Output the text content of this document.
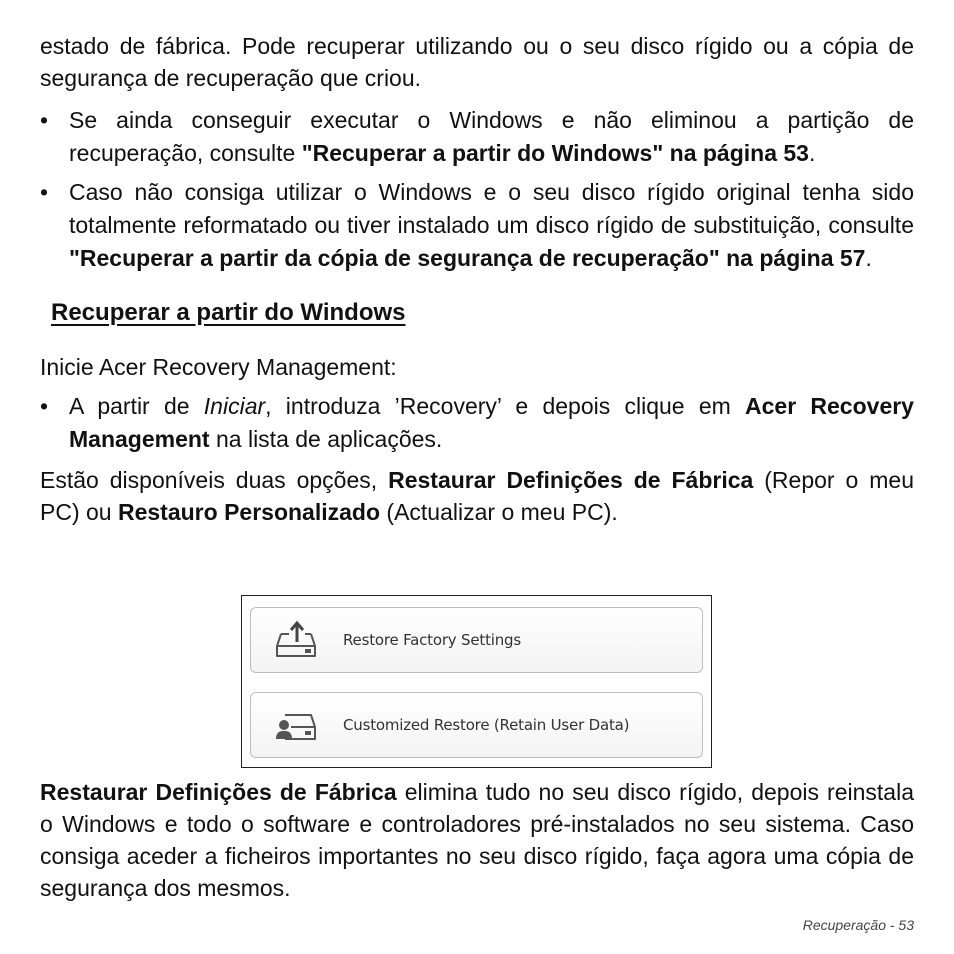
estado de fábrica. Pode recuperar utilizando ou o seu disco rígido ou a cópia de segurança de recuperação que criou.

• Se ainda conseguir executar o Windows e não eliminou a partição de recuperação, consulte "Recuperar a partir do Windows" na página 53.
• Caso não consiga utilizar o Windows e o seu disco rígido original tenha sido totalmente reformatado ou tiver instalado um disco rígido de substituição, consulte "Recuperar a partir da cópia de segurança de recuperação" na página 57.
Recuperar a partir do Windows

Inicie Acer Recovery Management:

• A partir de Iniciar, introduza ’Recovery’ e depois clique em Acer Recovery Management na lista de aplicações.

Estão disponíveis duas opções, Restaurar Definições de Fábrica (Repor o meu PC) ou Restauro Personalizado (Actualizar o meu PC).

Restore Factory Settings
Customized Restore (Retain User Data)

Restaurar Definições de Fábrica elimina tudo no seu disco rígido, depois reinstala o Windows e todo o software e controladores pré-instalados no seu sistema. Caso consiga aceder a ficheiros importantes no seu disco rígido, faça agora uma cópia de segurança dos mesmos.

Recuperação - 53
